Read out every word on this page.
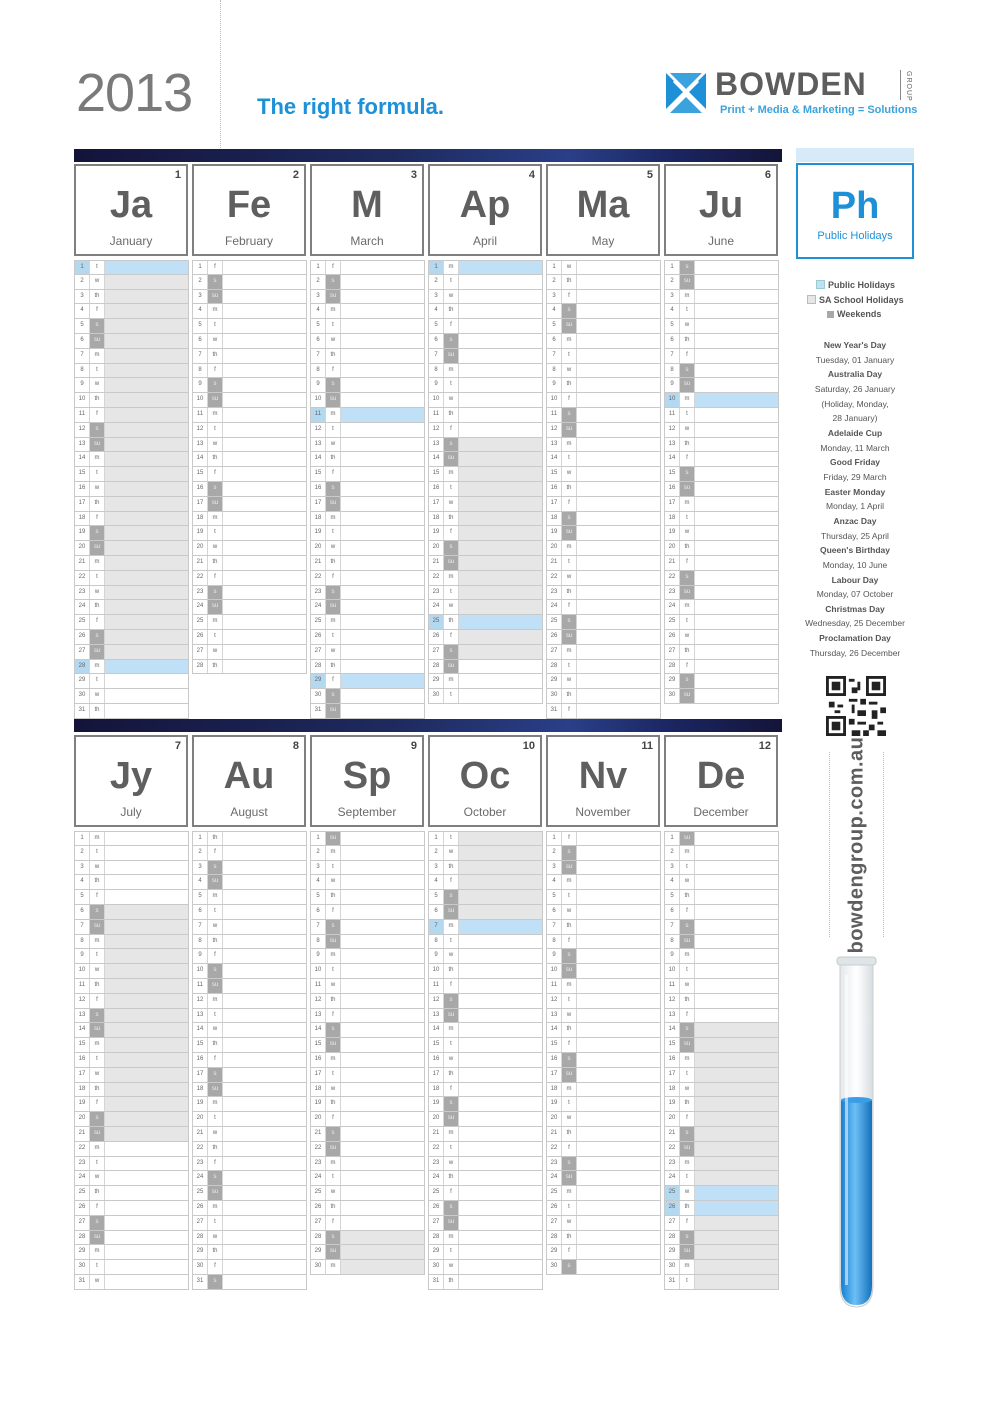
2013	The right formula.
BOWDEN	GROUP
Print + Media & Marketing = Solutions
1
Ja
January
1	t
2	w
3	th
4	f
5	s
6	su
7	m
8	t
9	w
10	th
11	f
12	s
13	su
14	m
15	t
16	w
17	th
18	f
19	s
20	su
21	m
22	t
23	w
24	th
25	f
26	s
27	su
28	m
29	t
30	w
31	th
2
Fe
February
1	f
2	s
3	su
4	m
5	t
6	w
7	th
8	f
9	s
10	su
11	m
12	t
13	w
14	th
15	f
16	s
17	su
18	m
19	t
20	w
21	th
22	f
23	s
24	su
25	m
26	t
27	w
28	th
3
M
March
1	f
2	s
3	su
4	m
5	t
6	w
7	th
8	f
9	s
10	su
11	m
12	t
13	w
14	th
15	f
16	s
17	su
18	m
19	t
20	w
21	th
22	f
23	s
24	su
25	m
26	t
27	w
28	th
29	f
30	s
31	su
4
Ap
April
1	m
2	t
3	w
4	th
5	f
6	s
7	su
8	m
9	t
10	w
11	th
12	f
13	s
14	su
15	m
16	t
17	w
18	th
19	f
20	s
21	su
22	m
23	t
24	w
25	th
26	f
27	s
28	su
29	m
30	t
5
Ma
May
1	w
2	th
3	f
4	s
5	su
6	m
7	t
8	w
9	th
10	f
11	s
12	su
13	m
14	t
15	w
16	th
17	f
18	s
19	su
20	m
21	t
22	w
23	th
24	f
25	s
26	su
27	m
28	t
29	w
30	th
31	f
6
Ju
June
1	s
2	su
3	m
4	t
5	w
6	th
7	f
8	s
9	su
10	m
11	t
12	w
13	th
14	f
15	s
16	su
17	m
18	t
19	w
20	th
21	f
22	s
23	su
24	m
25	t
26	w
27	th
28	f
29	s
30	su
7
Jy
July
1	m
2	t
3	w
4	th
5	f
6	s
7	su
8	m
9	t
10	w
11	th
12	f
13	s
14	su
15	m
16	t
17	w
18	th
19	f
20	s
21	su
22	m
23	t
24	w
25	th
26	f
27	s
28	su
29	m
30	t
31	w
8
Au
August
1	th
2	f
3	s
4	su
5	m
6	t
7	w
8	th
9	f
10	s
11	su
12	m
13	t
14	w
15	th
16	f
17	s
18	su
19	m
20	t
21	w
22	th
23	f
24	s
25	su
26	m
27	t
28	w
29	th
30	f
31	s
9
Sp
September
1	su
2	m
3	t
4	w
5	th
6	f
7	s
8	su
9	m
10	t
11	w
12	th
13	f
14	s
15	su
16	m
17	t
18	w
19	th
20	f
21	s
22	su
23	m
24	t
25	w
26	th
27	f
28	s
29	su
30	m
10
Oc
October
1	t
2	w
3	th
4	f
5	s
6	su
7	m
8	t
9	w
10	th
11	f
12	s
13	su
14	m
15	t
16	w
17	th
18	f
19	s
20	su
21	m
22	t
23	w
24	th
25	f
26	s
27	su
28	m
29	t
30	w
31	th
11
Nv
November
1	f
2	s
3	su
4	m
5	t
6	w
7	th
8	f
9	s
10	su
11	m
12	t
13	w
14	th
15	f
16	s
17	su
18	m
19	t
20	w
21	th
22	f
23	s
24	su
25	m
26	t
27	w
28	th
29	f
30	s
12
De
December
1	su
2	m
3	t
4	w
5	th
6	f
7	s
8	su
9	m
10	t
11	w
12	th
13	f
14	s
15	su
16	m
17	t
18	w
19	th
20	f
21	s
22	su
23	m
24	t
25	w
26	th
27	f
28	s
29	su
30	m
31	t
Ph
Public Holidays
Public Holidays
SA School Holidays
Weekends
New Year's Day
Tuesday, 01 January
Australia Day
Saturday, 26 January
(Holiday, Monday,
28 January)
Adelaide Cup
Monday, 11 March
Good Friday
Friday, 29 March
Easter Monday
Monday, 1 April
Anzac Day
Thursday, 25 April
Queen's Birthday
Monday, 10 June
Labour Day
Monday, 07 October
Christmas Day
Wednesday, 25 December
Proclamation Day
Thursday, 26 December
bowdengroup.com.au
